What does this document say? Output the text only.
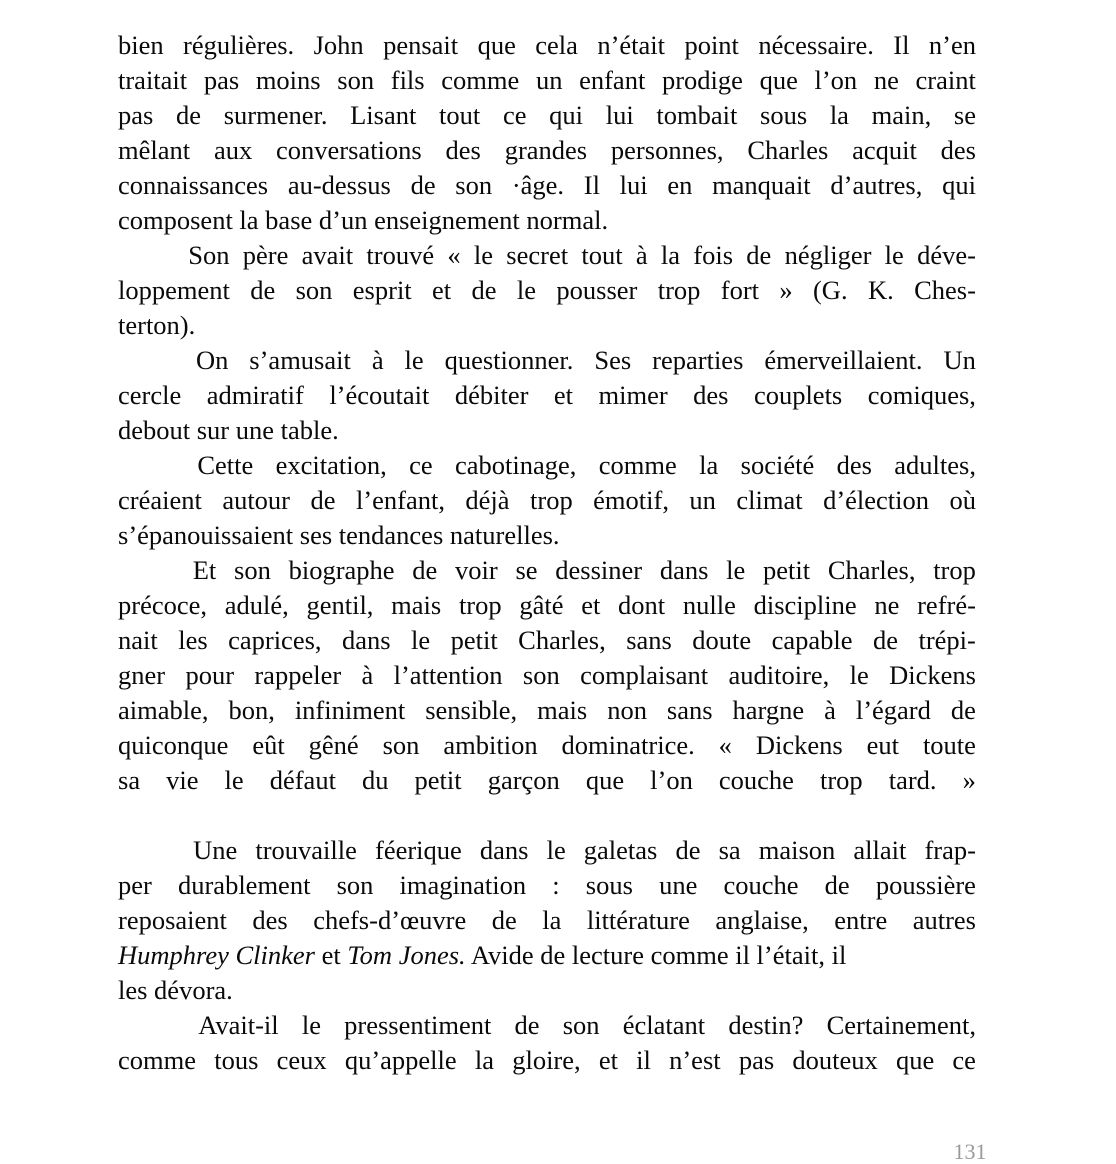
bien régulières. John pensait que cela n’était point nécessaire. Il n’en
traitait pas moins son fils comme un enfant prodige que l’on ne craint
pas de surmener. Lisant tout ce qui lui tombait sous la main, se
mêlant aux conversations des grandes personnes, Charles acquit des
connaissances au-dessus de son ·âge. Il lui en manquait d’autres, qui
composent la base d’un enseignement normal.
Son père avait trouvé « le secret tout à la fois de négliger le déve-
loppement de son esprit et de le pousser trop fort » (G. K. Ches-
terton).
On s’amusait à le questionner. Ses reparties émerveillaient. Un
cercle admiratif l’écoutait débiter et mimer des couplets comiques,
debout sur une table.
Cette excitation, ce cabotinage, comme la société des adultes,
créaient autour de l’enfant, déjà trop émotif, un climat d’élection où
s’épanouissaient ses tendances naturelles.
Et son biographe de voir se dessiner dans le petit Charles, trop
précoce, adulé, gentil, mais trop gâté et dont nulle discipline ne refré-
nait les caprices, dans le petit Charles, sans doute capable de trépi-
gner pour rappeler à l’attention son complaisant auditoire, le Dickens
aimable, bon, infiniment sensible, mais non sans hargne à l’égard de
quiconque eût gêné son ambition dominatrice. « Dickens eut toute
sa vie le défaut du petit garçon que l’on couche trop tard. »
Une trouvaille féerique dans le galetas de sa maison allait frap-
per durablement son imagination : sous une couche de poussière
reposaient des chefs-d’œuvre de la littérature anglaise, entre autres
Humphrey Clinker et Tom Jones. Avide de lecture comme il l’était, il
les dévora.
Avait-il le pressentiment de son éclatant destin? Certainement,
comme tous ceux qu’appelle la gloire, et il n’est pas douteux que ce
131
